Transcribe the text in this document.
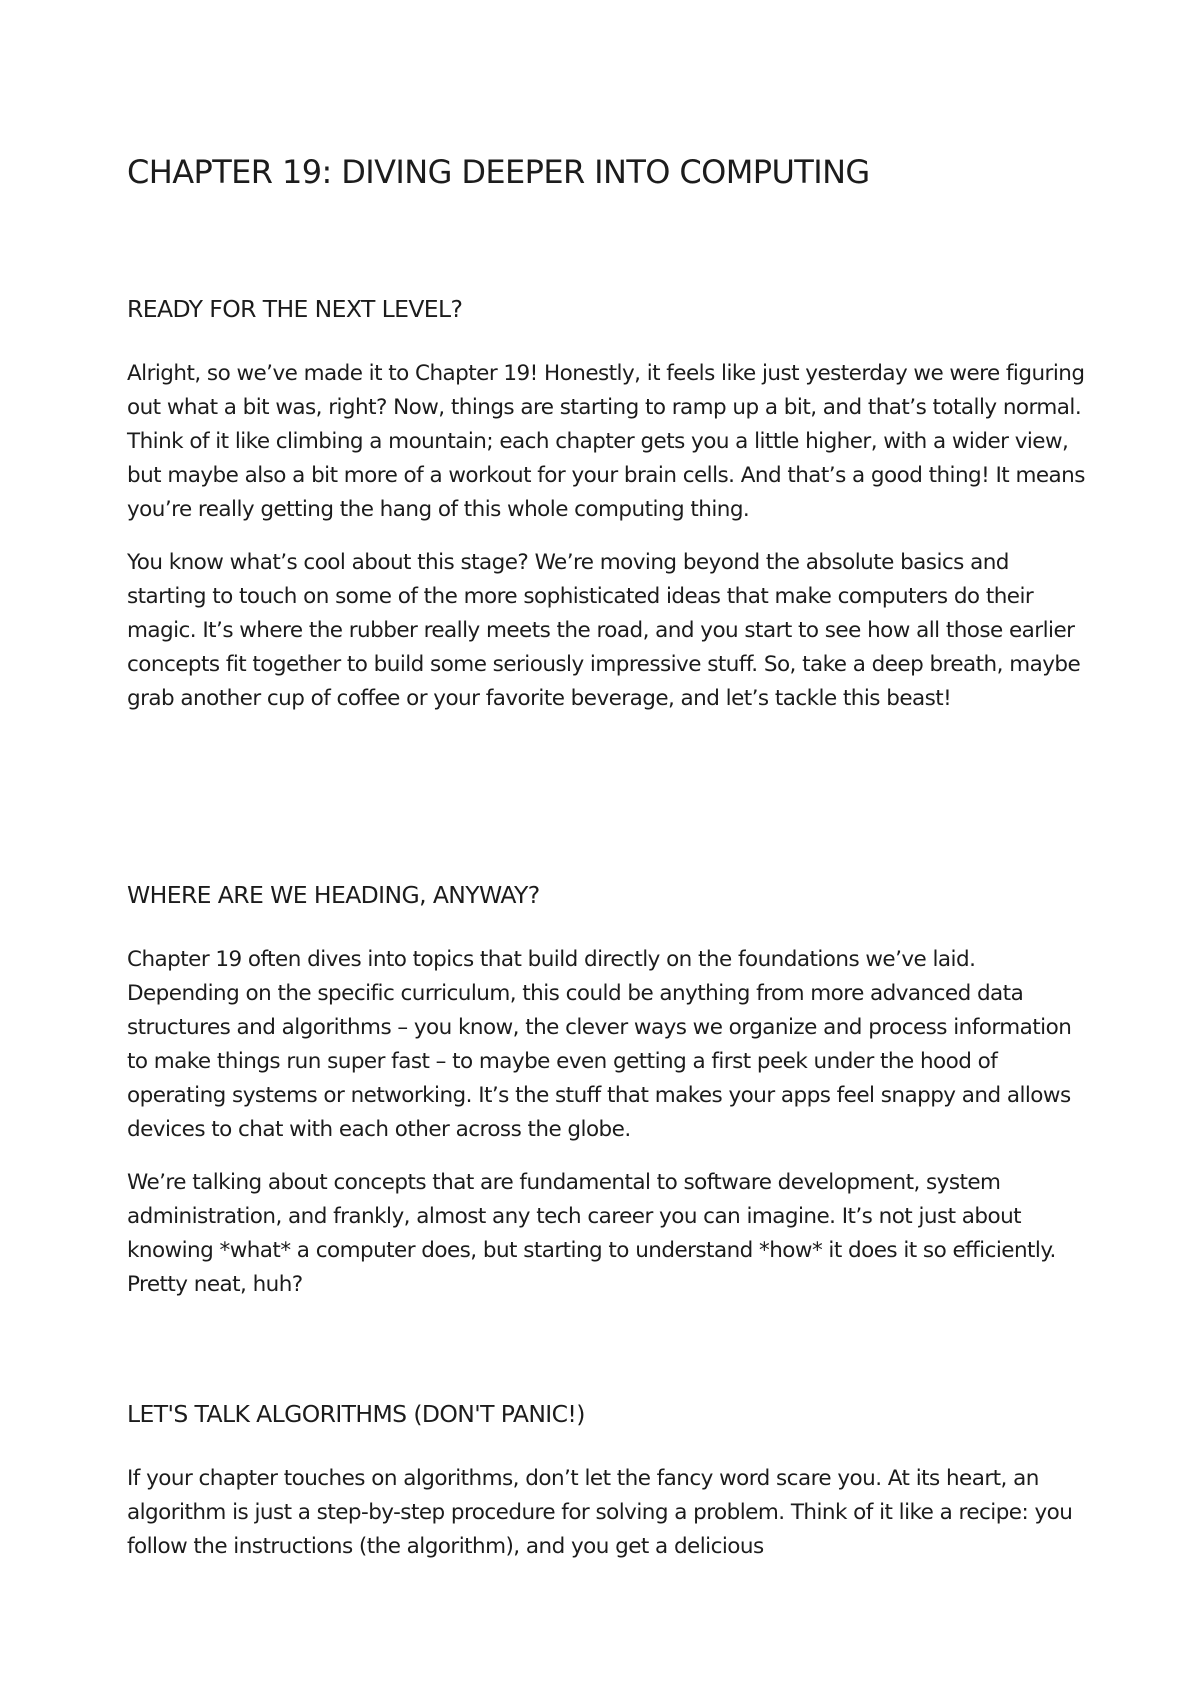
CHAPTER 19: DIVING DEEPER INTO COMPUTING
READY FOR THE NEXT LEVEL?

Alright, so we’ve made it to Chapter 19! Honestly, it feels like just yesterday we were figuring out what a bit was, right? Now, things are starting to ramp up a bit, and that’s totally normal. Think of it like climbing a mountain; each chapter gets you a little higher, with a wider view, but maybe also a bit more of a workout for your brain cells. And that’s a good thing! It means you’re really getting the hang of this whole computing thing.

You know what’s cool about this stage? We’re moving beyond the absolute basics and starting to touch on some of the more sophisticated ideas that make computers do their magic. It’s where the rubber really meets the road, and you start to see how all those earlier concepts fit together to build some seriously impressive stuff. So, take a deep breath, maybe grab another cup of coffee or your favorite beverage, and let’s tackle this beast!

WHERE ARE WE HEADING, ANYWAY?

Chapter 19 often dives into topics that build directly on the foundations we’ve laid. Depending on the specific curriculum, this could be anything from more advanced data structures and algorithms – you know, the clever ways we organize and process information to make things run super fast – to maybe even getting a first peek under the hood of operating systems or networking. It’s the stuff that makes your apps feel snappy and allows devices to chat with each other across the globe.

We’re talking about concepts that are fundamental to software development, system administration, and frankly, almost any tech career you can imagine. It’s not just about knowing *what* a computer does, but starting to understand *how* it does it so efficiently. Pretty neat, huh?

LET'S TALK ALGORITHMS (DON'T PANIC!)

If your chapter touches on algorithms, don’t let the fancy word scare you. At its heart, an algorithm is just a step-by-step procedure for solving a problem. Think of it like a recipe: you follow the instructions (the algorithm), and you get a delicious
